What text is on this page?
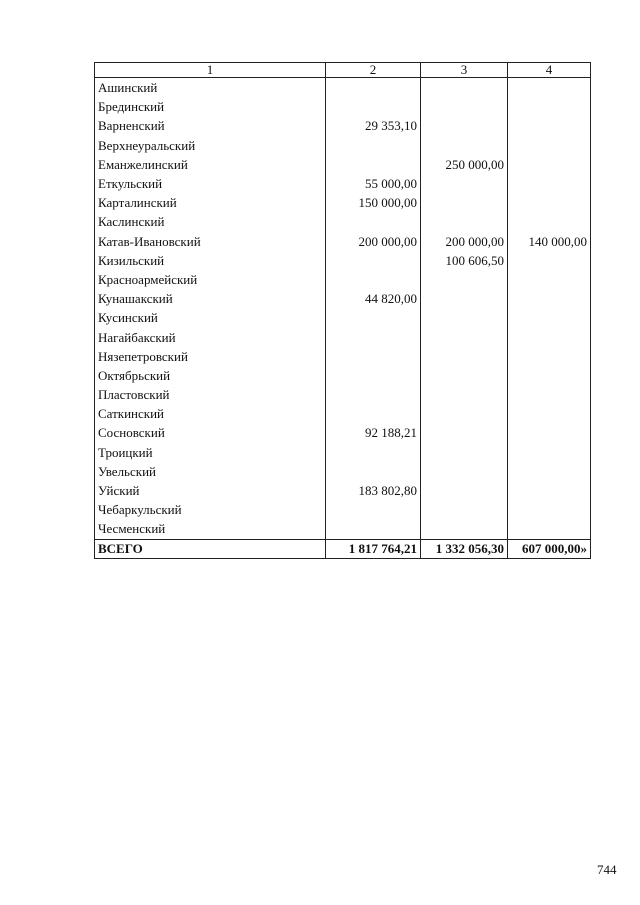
1	2	3	4
Ашинский			
Брединский			
Варненский	29 353,10		
Верхнеуральский			
Еманжелинский		250 000,00	
Еткульский	55 000,00		
Карталинский	150 000,00		
Каслинский			
Катав-Ивановский	200 000,00	200 000,00	140 000,00
Кизильский		100 606,50	
Красноармейский			
Кунашакский	44 820,00		
Кусинский			
Нагайбакский			
Нязепетровский			
Октябрьский			
Пластовский			
Саткинский			
Сосновский	92 188,21		
Троицкий			
Увельский			
Уйский	183 802,80		
Чебаркульский			
Чесменский			
ВСЕГО	1 817 764,21	1 332 056,30	607 000,00»
744
